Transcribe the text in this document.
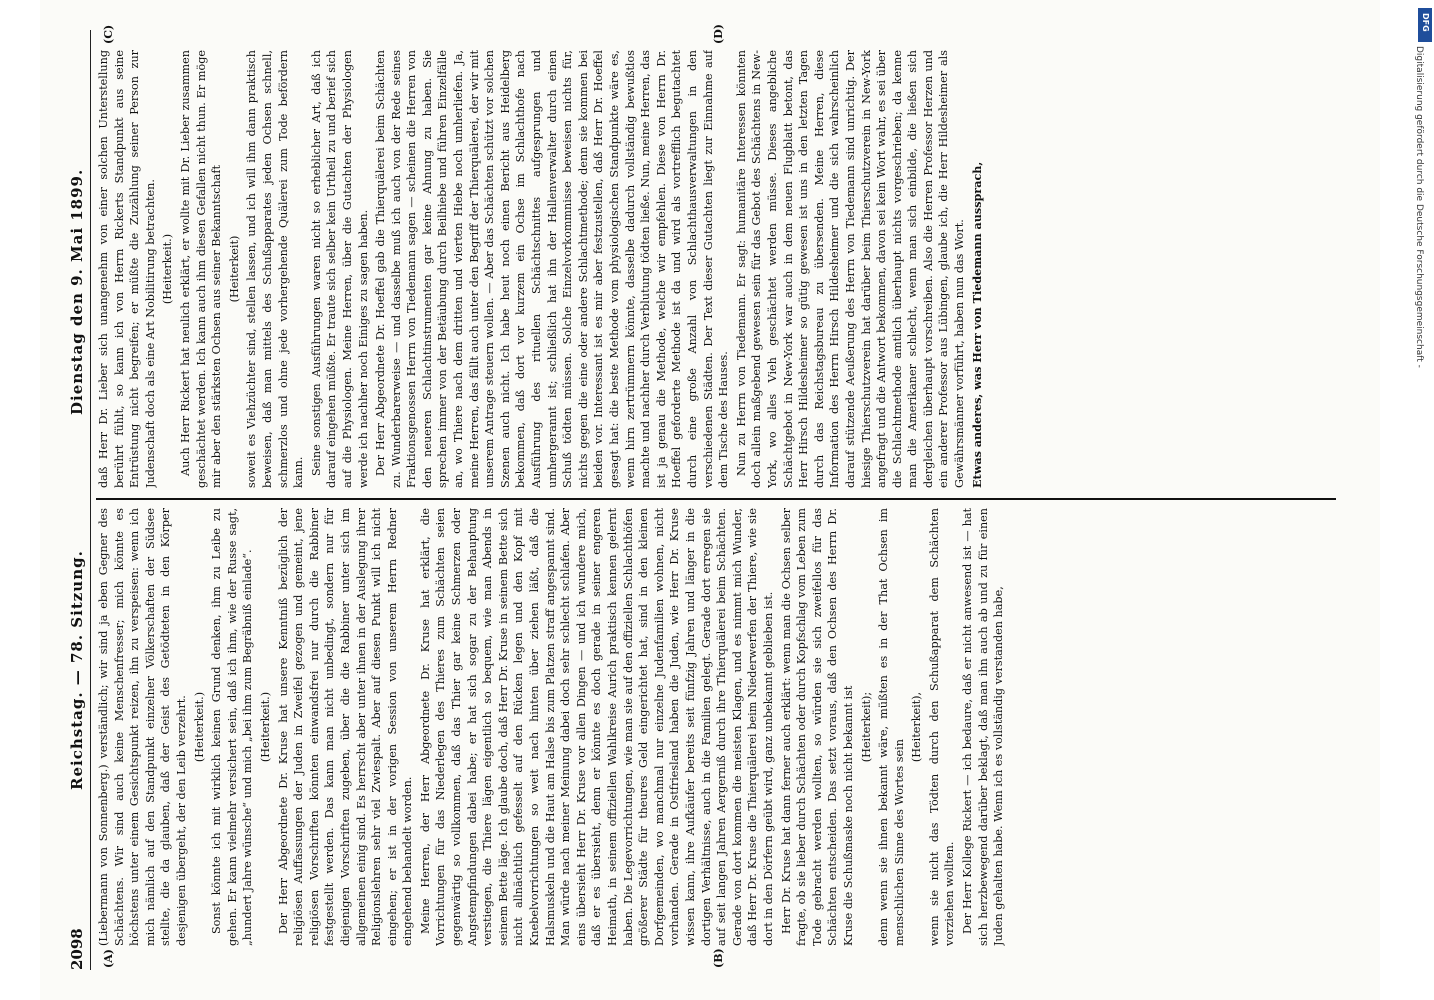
2098
Reichstag. — 78. Sitzung.
Dienstag den 9. Mai 1899.
(A)	(B)
(C)	(D)

(Liebermann von Sonnenberg.) verständlich; wir sind ja eben Gegner des Schächtens. Wir sind auch keine Menschenfresser; mich könnte es höchstens unter einem Gesichtspunkt reizen, ihn zu verspeisen: wenn ich mich nämlich auf den Standpunkt einzelner Völkerschaften der Südsee stellte, die da glauben, daß der Geist des Getödteten in den Körper desjenigen übergeht, der den Leib verzehrt. (Heiterkeit.) Sonst könnte ich mit wirklich keinen Grund denken, ihm zu Leibe zu gehen. Er kann vielmehr versichert sein, daß ich ihm, wie der Russe sagt, „hundert Jahre wünsche“ und mich „bei ihm zum Begräbniß einlade“. (Heiterkeit.) Der Herr Abgeordnete Dr. Kruse hat unsere Kenntniß bezüglich der religiösen Auffassungen der Juden in Zweifel gezogen und gemeint, jene religiösen Vorschriften könnten einwandsfrei nur durch die Rabbiner festgestellt werden. Das kann man nicht unbedingt, sondern nur für diejenigen Vorschriften zugeben, über die die Rabbiner unter sich im allgemeinen einig sind. Es herrscht aber unter ihnen in der Auslegung ihrer Religionslehren sehr viel Zwiespalt. Aber auf diesen Punkt will ich nicht eingehen; er ist in der vorigen Session von unserem Herrn Redner eingehend behandelt worden. Meine Herren, der Herr Abgeordnete Dr. Kruse hat erklärt, die Vorrichtungen für das Niederlegen des Thieres zum Schächten seien gegenwärtig so vollkommen, daß das Thier gar keine Schmerzen oder Angstempfindungen dabei habe; er hat sich sogar zu der Behauptung verstiegen, die Thiere lägen eigentlich so bequem, wie man Abends in seinem Bette läge. Ich glaube doch, daß Herr Dr. Kruse in seinem Bette sich nicht allnächtlich gefesselt auf den Rücken legen und den Kopf mit Knebelvorrichtungen so weit nach hinten über ziehen läßt, daß die Halsmuskeln und die Haut am Halse bis zum Platzen straff angespannt sind. Man würde nach meiner Meinung dabei doch sehr schlecht schlafen. Aber eins übersieht Herr Dr. Kruse vor allen Dingen — und ich wundere mich, daß er es übersieht, denn er könnte es doch gerade in seiner engeren Heimath, in seinem offiziellen Wahlkreise Aurich praktisch kennen gelernt haben. Die Legevorrichtungen, wie man sie auf den offiziellen Schlachthöfen größerer Städte für theures Geld eingerichtet hat, sind in den kleinen Dorfgemeinden, wo manchmal nur einzelne Judenfamilien wohnen, nicht vorhanden. Gerade in Ostfriesland haben die Juden, wie Herr Dr. Kruse wissen kann, ihre Aufkäufer bereits seit fünfzig Jahren und länger in die dortigen Verhältnisse, auch in die Familien gelegt. Gerade dort erregen sie auf seit langen Jahren Aergerniß durch ihre Thierquälerei beim Schächten. Gerade von dort kommen die meisten Klagen, und es nimmt mich Wunder, daß Herr Dr. Kruse die Thierquälerei beim Niederwerfen der Thiere, wie sie dort in den Dörfern geübt wird, ganz unbekannt geblieben ist. Herr Dr. Kruse hat dann ferner auch erklärt: wenn man die Ochsen selber fragte, ob sie lieber durch Schächten oder durch Kopfschlag vom Leben zum Tode gebracht werden wollten, so würden sie sich zweifellos für das Schächten entscheiden. Das setzt voraus, daß den Ochsen des Herrn Dr. Kruse die Schußmaske noch nicht bekannt ist (Heiterkeit); denn wenn sie ihnen bekannt wäre, müßten es in der That Ochsen im menschlichen Sinne des Wortes sein

(Heiterkeit), wenn sie nicht das Tödten durch den Schußapparat dem Schächten vorziehen wollten. Der Herr Kollege Rickert — ich bedaure, daß er nicht anwesend ist — hat sich herzbewegend darüber beklagt, daß man ihn auch ab und zu für einen Juden gehalten habe. Wenn ich es vollständig verstanden habe,

daß Herr Dr. Lieber sich unangenehm von einer solchen Unterstellung berührt fühlt, so kann ich von Herrn Rickerts Standpunkt aus seine Entrüstung nicht begreifen; er müßte die Zuzählung seiner Person zur Judenschaft doch als eine Art Nobilitirung betrachten. (Heiterkeit.) Auch Herr Rickert hat neulich erklärt, er wollte mit Dr. Lieber zusammen geschächtet werden. Ich kann auch ihm diesen Gefallen nicht thun. Er möge mir aber den stärksten Ochsen aus seiner Bekanntschaft (Heiterkeit) soweit es Viehzüchter sind, stellen lassen, und ich will ihm dann praktisch beweisen, daß man mittels des Schußapparates jeden Ochsen schnell, schmerzlos und ohne jede vorhergehende Quälerei zum Tode befördern kann. Seine sonstigen Ausführungen waren nicht so erheblicher Art, daß ich darauf eingehen müßte. Er traute sich selber kein Urtheil zu und berief sich auf die Physiologen. Meine Herren, über die Gutachten der Physiologen werde ich nachher noch Einiges zu sagen haben. Der Herr Abgeordnete Dr. Hoeffel gab die Thierquälerei beim Schächten zu. Wunderbarerweise — und dasselbe muß ich auch von der Rede seines Fraktionsgenossen Herrn von Tiedemann sagen — scheinen die Herren von den neueren Schlachtinstrumenten gar keine Ahnung zu haben. Sie sprechen immer von der Betäubung durch Beilhiebe und führen Einzelfälle an, wo Thiere nach dem dritten und vierten Hiebe noch umherliefen. Ja, meine Herren, das fällt auch unter den Begriff der Thierquälerei, der wir mit unserem Antrage steuern wollen. — Aber das Schächten schützt vor solchen Szenen auch nicht. Ich habe heut noch einen Bericht aus Heidelberg bekommen, daß dort vor kurzem ein Ochse im Schlachthofe nach Ausführung des rituellen Schächtschnittes aufgesprungen und umhergerannt ist; schließlich hat ihn der Hallenverwalter durch einen Schuß tödten müssen. Solche Einzelvorkommnisse beweisen nichts für, nichts gegen die eine oder andere Schlachtmethode; denn sie kommen bei beiden vor. Interessant ist es mir aber festzustellen, daß Herr Dr. Hoeffel gesagt hat: die beste Methode vom physiologischen Standpunkte wäre es, wenn hirn zertrümmern könnte, dasselbe dadurch vollständig bewußtlos machte und nachher durch Verblutung tödten ließe. Nun, meine Herren, das ist ja genau die Methode, welche wir empfehlen. Diese von Herrn Dr. Hoeffel geforderte Methode ist da und wird als vortrefflich begutachtet durch eine große Anzahl von Schlachthausverwaltungen in den verschiedenen Städten. Der Text dieser Gutachten liegt zur Einnahme auf dem Tische des Hauses. Nun zu Herrn von Tiedemann. Er sagt: humanitäre Interessen könnten doch allein maßgebend gewesen sein für das Gebot des Schächtens in New-York, wo alles Vieh geschächtet werden müsse. Dieses angebliche Schächtgebot in New-York war auch in dem neuen Flugblatt betont, das Herr Hirsch Hildesheimer so gütig gewesen ist uns in den letzten Tagen durch das Reichstagsbureau zu übersenden. Meine Herren, diese Information des Herrn Hirsch Hildesheimer und die sich wahrscheinlich darauf stützende Aeußerung des Herrn von Tiedemann sind unrichtig. Der hiesige Thierschutzverein hat darüber beim Thierschutzverein in New-York angefragt und die Antwort bekommen, davon sei kein Wort wahr, es sei über die Schlachtmethode amtlich überhaupt nichts vorgeschrieben; da kenne man die Amerikaner schlecht, wenn man sich einbilde, die ließen sich dergleichen überhaupt vorschreiben. Also die Herren Professor Herzen und ein anderer Professor aus Lübingen, glaube ich, die Herr Hildesheimer als Gewährsmänner vorführt, haben nun das Wort. Etwas anderes, was Herr von Tiedemann aussprach,

DFG
Digitalisierung gefördert durch die Deutsche Forschungsgemeinschaft -
